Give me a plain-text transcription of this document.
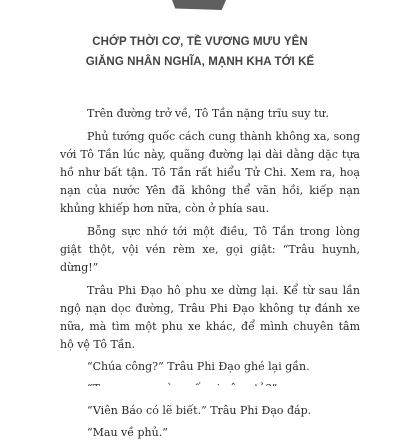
CHỚP THỜI CƠ, TỀ VƯƠNG MƯU YÊN
GIĂNG NHÂN NGHĨA, MẠNH KHA TỚI KẾ

Trên đường trở về, Tô Tần nặng trĩu suy tư.

Phủ tướng quốc cách cung thành không xa, song với Tô Tần lúc này, quãng đường lại dài dằng dặc tựa hồ như bất tận. Tô Tần rất hiểu Tử Chi. Xem ra, hoạ nạn của nước Yên đã không thể vãn hồi, kiếp nạn khủng khiếp hơn nữa, còn ở phía sau.

Bỗng sực nhớ tới một điều, Tô Tần trong lòng giật thột, vội vén rèm xe, gọi giật: “Trâu huynh, dừng!”

Trâu Phi Đạo hô phu xe dừng lại. Kể từ sau lần ngộ nạn dọc đường, Trâu Phi Đạo không tự đánh xe nữa, mà tìm một phu xe khác, để mình chuyên tâm hộ vệ Tô Tần.

“Chúa công?” Trâu Phi Đạo ghé lại gần.

“Viên Báo có lẽ biết.” Trâu Phi Đạo đáp.

“Mau về phủ.”
